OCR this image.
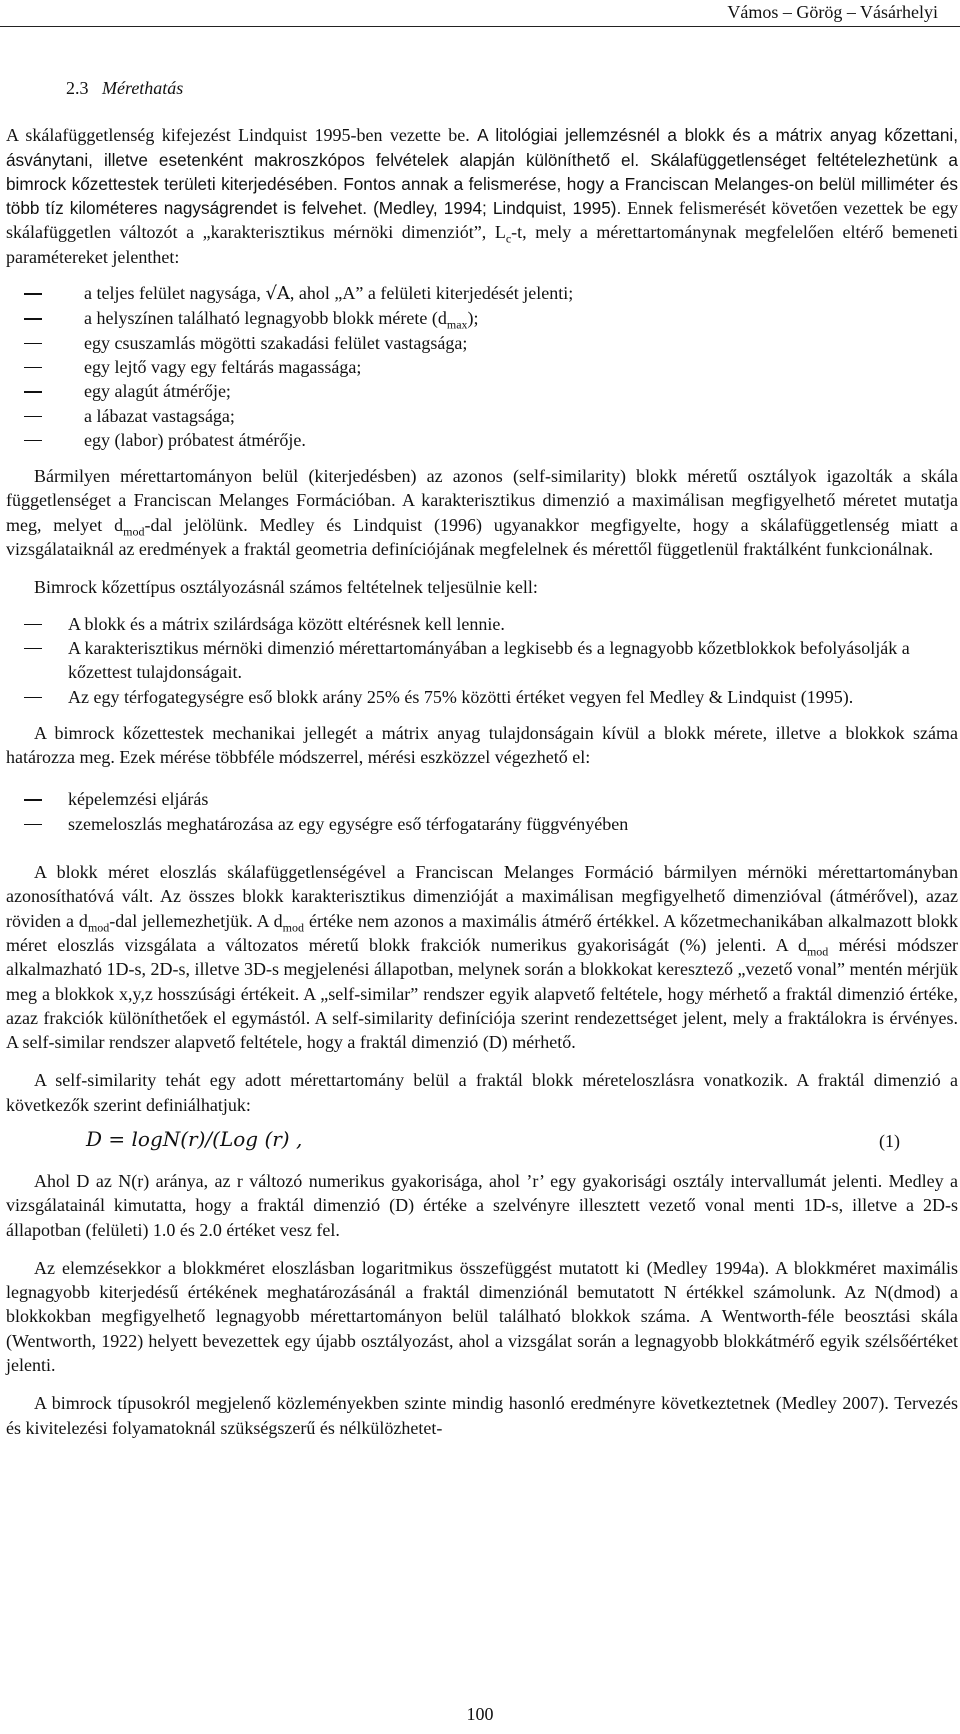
Vámos – Görög – Vásárhelyi
2.3 Mérethatás

A skálafüggetlenség kifejezést Lindquist 1995-ben vezette be. A litológiai jellemzésnél a blokk és a mátrix anyag kőzettani, ásványtani, illetve esetenként makroszkópos felvételek alapján különíthető el. Skálafüggetlenséget feltételezhetünk a bimrock kőzettestek területi kiterjedésében. Fontos annak a felismerése, hogy a Franciscan Melanges-on belül milliméter és több tíz kilométeres nagyságrendet is felvehet. (Medley, 1994; Lindquist, 1995). Ennek felismerését követően vezettek be egy skálafüggetlen változót a „karakterisztikus mérnöki dimenziót”, $L_c-t$, mely a mérettartománynak megfelelően eltérő bemeneti paramétereket jelenthet:

a teljes felület nagysága, √A, ahol „A” a felületi kiterjedését jelenti;
a helyszínen található legnagyobb blokk mérete $(d_{max})$;
egy csuszamlás mögötti szakadási felület vastagsága;
egy lejtő vagy egy feltárás magassága;
egy alagút átmérője;
a lábazat vastagsága;
egy (labor) próbatest átmérője.

Bármilyen mérettartományon belül (kiterjedésben) az azonos (self-similarity) blokk méretű osztályok igazolták a skála függetlenséget a Franciscan Melanges Formációban. A karakterisztikus dimenzió a maximálisan megfigyelhető méretet mutatja meg, melyet $d_{mod}$-dal jelölünk. Medley és Lindquist (1996) ugyanakkor megfigyelte, hogy a skálafüggetlenség miatt a vizsgálataiknál az eredmények a fraktál geometria definíciójának megfelelnek és mérettől függetlenül fraktálként funkcionálnak.

Bimrock kőzettípus osztályozásnál számos feltételnek teljesülnie kell:

A blokk és a mátrix szilárdsága között eltérésnek kell lennie.
A karakterisztikus mérnöki dimenzió mérettartományában a legkisebb és a legnagyobb kőzetblokkok befolyásolják a kőzettest tulajdonságait.
Az egy térfogategységre eső blokk arány 25% és 75% közötti értéket vegyen fel Medley & Lindquist (1995).

A bimrock kőzettestek mechanikai jellegét a mátrix anyag tulajdonságain kívül a blokk mérete, illetve a blokkok száma határozza meg. Ezek mérése többféle módszerrel, mérési eszközzel végezhető el:

képelemzési eljárás
szemeloszlás meghatározása az egy egységre eső térfogatarány függvényében

A blokk méret eloszlás skálafüggetlenségével a Franciscan Melanges Formáció bármilyen mérnöki mérettartományban azonosíthatóvá vált. Az összes blokk karakterisztikus dimenzióját a maximálisan megfigyelhető dimenzióval (átmérővel), azaz röviden a $d_{mod}$-dal jellemezhetjük. A $d_{mod}$ értéke nem azonos a maximális átmérő értékkel. A kőzetmechanikában alkalmazott blokk méret eloszlás vizsgálata a változatos méretű blokk frakciók numerikus gyakoriságát (%) jelenti. A $d_{mod}$ mérési módszer alkalmazható 1D-s, 2D-s, illetve 3D-s megjelenési állapotban, melynek során a blokkokat keresztező „vezető vonal” mentén mérjük meg a blokkok x,y,z hosszúsági értékeit. A „self-similar” rendszer egyik alapvető feltétele, hogy mérhető a fraktál dimenzió értéke, azaz frakciók különíthetőek el egymástól. A self-similarity definíciója szerint rendezettséget jelent, mely a fraktálokra is érvényes. A self-similar rendszer alapvető feltétele, hogy a fraktál dimenzió (D) mérhető.

A self-similarity tehát egy adott mérettartomány belül a fraktál blokk méreteloszlásra vonatkozik. A fraktál dimenzió a következők szerint definiálhatjuk:

D = logN(r)/(Log (r) ,	(1)

Ahol D az N(r) aránya, az r változó numerikus gyakorisága, ahol ’r’ egy gyakorisági osztály intervallumát jelenti. Medley a vizsgálatainál kimutatta, hogy a fraktál dimenzió (D) értéke a szelvényre illesztett vezető vonal menti 1D-s, illetve a 2D-s állapotban (felületi) 1.0 és 2.0 értéket vesz fel.

Az elemzésekkor a blokkméret eloszlásban logaritmikus összefüggést mutatott ki (Medley 1994a). A blokkméret maximális legnagyobb kiterjedésű értékének meghatározásánál a fraktál dimenziónál bemutatott N értékkel számolunk. Az N(dmod) a blokkokban megfigyelhető legnagyobb mérettartományon belül található blokkok száma. A Wentworth-féle beosztási skála (Wentworth, 1922) helyett bevezettek egy újabb osztályozást, ahol a vizsgálat során a legnagyobb blokkátmérő egyik szélsőértéket jelenti.

A bimrock típusokról megjelenő közleményekben szinte mindig hasonló eredményre következtetnek (Medley 2007). Tervezés és kivitelezési folyamatoknál szükségszerű és nélkülözhetet-

100
